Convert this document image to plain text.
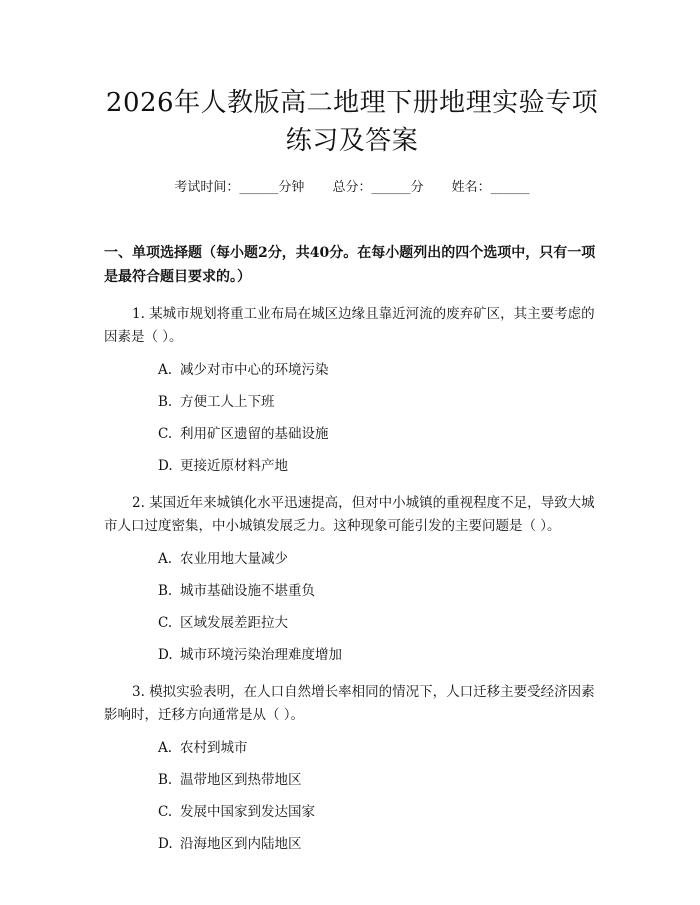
2026年人教版高二地理下册地理实验专项练习及答案
考试时间：______分钟 总分：______分 姓名：______
一、单项选择题（每小题2分，共40分。在每小题列出的四个选项中，只有一项是最符合题目要求的。）
1. 某城市规划将重工业布局在城区边缘且靠近河流的废弃矿区，其主要考虑的因素是（ ）。
A. 减少对市中心的环境污染
B. 方便工人上下班
C. 利用矿区遗留的基础设施
D. 更接近原材料产地
2. 某国近年来城镇化水平迅速提高，但对中小城镇的重视程度不足，导致大城市人口过度密集，中小城镇发展乏力。这种现象可能引发的主要问题是（ ）。
A. 农业用地大量减少
B. 城市基础设施不堪重负
C. 区域发展差距拉大
D. 城市环境污染治理难度增加
3. 模拟实验表明，在人口自然增长率相同的情况下，人口迁移主要受经济因素影响时，迁移方向通常是从（ ）。
A. 农村到城市
B. 温带地区到热带地区
C. 发展中国家到发达国家
D. 沿海地区到内陆地区
